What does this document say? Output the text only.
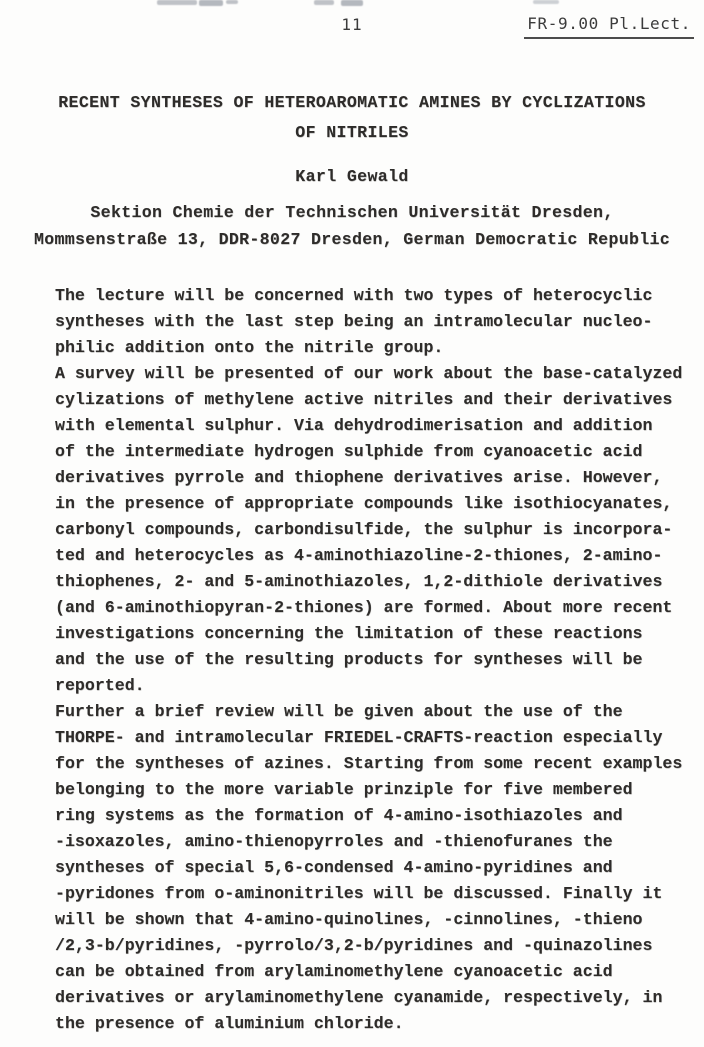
11	FR-9.00 Pl.Lect.
RECENT SYNTHESES OF HETEROAROMATIC AMINES BY CYCLIZATIONS
OF NITRILES
Karl Gewald
Sektion Chemie der Technischen Universität Dresden,
Mommsenstraße 13, DDR-8027 Dresden, German Democratic Republic
The lecture will be concerned with two types of heterocyclic
syntheses with the last step being an intramolecular nucleo-
philic addition onto the nitrile group.
A survey will be presented of our work about the base-catalyzed
cylizations of methylene active nitriles and their derivatives
with elemental sulphur. Via dehydrodimerisation and addition
of the intermediate hydrogen sulphide from cyanoacetic acid
derivatives pyrrole and thiophene derivatives arise. However,
in the presence of appropriate compounds like isothiocyanates,
carbonyl compounds, carbondisulfide, the sulphur is incorpora-
ted and heterocycles as 4-aminothiazoline-2-thiones, 2-amino-
thiophenes, 2- and 5-aminothiazoles, 1,2-dithiole derivatives
(and 6-aminothiopyran-2-thiones) are formed. About more recent
investigations concerning the limitation of these reactions
and the use of the resulting products for syntheses will be
reported.
Further a brief review will be given about the use of the
THORPE- and intramolecular FRIEDEL-CRAFTS-reaction especially
for the syntheses of azines. Starting from some recent examples
belonging to the more variable prinziple for five membered
ring systems as the formation of 4-amino-isothiazoles and
-isoxazoles, amino-thienopyrroles and -thienofuranes the
syntheses of special 5,6-condensed 4-amino-pyridines and
-pyridones from o-aminonitriles will be discussed. Finally it
will be shown that 4-amino-quinolines, -cinnolines, -thieno
/2,3-b/pyridines, -pyrrolo/3,2-b/pyridines and -quinazolines
can be obtained from arylaminomethylene cyanoacetic acid
derivatives or arylaminomethylene cyanamide, respectively, in
the presence of aluminium chloride.
